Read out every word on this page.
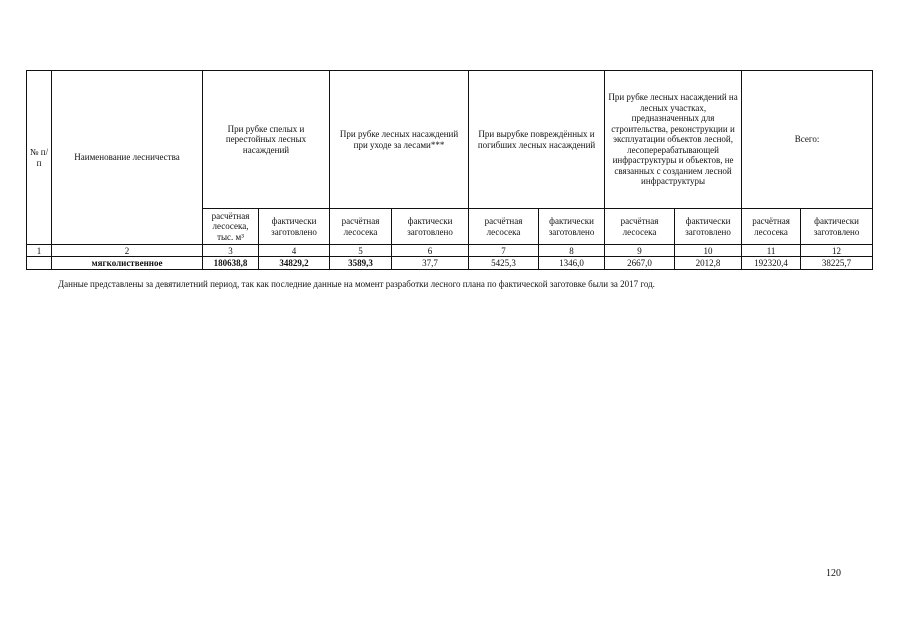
№ п/п	Наименование лесничества	При рубке спелых и перестойных лесных насаждений		При рубке лесных насаждений при уходе за лесами***		При вырубке повреждённых и погибших лесных насаждений		При рубке лесных насаждений на лесных участках, предназначенных для строительства, реконструкции и эксплуатации объектов лесной, лесоперерабатывающей инфраструктуры и объектов, не связанных с созданием лесной инфраструктуры		Всего:	
		расчётная лесосека, тыс. м³	фактически заготовлено	расчётная лесосека	фактически заготовлено	расчётная лесосека	фактически заготовлено	расчётная лесосека	фактически заготовлено	расчётная лесосека	фактически заготовлено
1	2	3	4	5	6	7	8	9	10	11	12
	мягколиственное	180638,8	34829,2	3589,3	37,7	5425,3	1346,0	2667,0	2012,8	192320,4	38225,7
Данные представлены за девятилетний период, так как последние данные на момент разработки лесного плана по фактической заготовке были за 2017 год.
120
